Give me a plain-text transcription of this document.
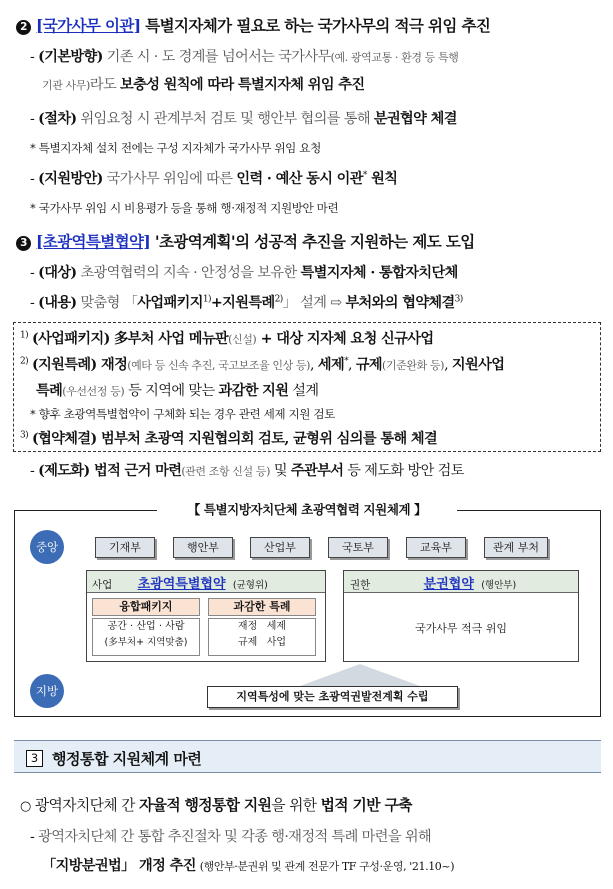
2 [국가사무 이관] 특별지자체가 필요로 하는 국가사무의 적극 위임 추진
- (기본방향) 기존 시 · 도 경계를 넘어서는 국가사무(예. 광역교통 · 환경 등 특행
기관 사무)라도 보충성 원칙에 따라 특별지자체 위임 추진
- (절차) 위임요청 시 관계부처 검토 및 행안부 협의를 통해 분권협약 체결
* 특별지자체 설치 전에는 구성 지자체가 국가사무 위임 요청
- (지원방안) 국가사무 위임에 따른 인력 · 예산 동시 이관* 원칙
* 국가사무 위임 시 비용평가 등을 통해 행·재정적 지원방안 마련
3 [초광역특별협약] '초광역계획'의 성공적 추진을 지원하는 제도 도입
- (대상) 초광역협력의 지속 · 안정성을 보유한 특별지자체 · 통합자치단체
- (내용) 맞춤형 「사업패키지$^{1)}$+지원특례$^{2)}$」 설계 ⇨ 부처와의 협약체결$^{3)}$
$^{1)}$ (사업패키지) 多부처 사업 메뉴판(신설) + 대상 지자체 요청 신규사업
$^{2)}$ (지원특례) 재정(예타 등 신속 추진, 국고보조율 인상 등), 세제*, 규제(기준완화 등), 지원사업
특례(우선선정 등) 등 지역에 맞는 과감한 지원 설계
* 향후 초광역특별협약이 구체화 되는 경우 관련 세제 지원 검토
$^{3)}$ (협약체결) 범부처 초광역 지원협의회 검토, 균형위 심의를 통해 체결
- (제도화) 법적 근거 마련(관련 조항 신설 등) 및 주관부서 등 제도화 방안 검토
【 특별지방자치단체 초광역협력 지원체계 】
중앙
지방
기재부	행안부	산업부	국토부	교육부	관계 부처
사업 초광역특별협약 (균형위)
융합패키지
공간 · 산업 · 사람
(多부처+ 지역맞춤)
과감한 특례
재정   세제
규제   사업
권한	분권협약 (행안부)
국가사무 적극 위임
지역특성에 맞는 초광역권발전계획 수립
3 행정통합 지원체계 마련
○ 광역자치단체 간 자율적 행정통합 지원을 위한 법적 기반 구축
- 광역자치단체 간 통합 추진절차 및 각종 행·재정적 특례 마련을 위해
「지방분권법」 개정 추진 (행안부·분권위 및 관계 전문가 TF 구성·운영, '21.10~)
